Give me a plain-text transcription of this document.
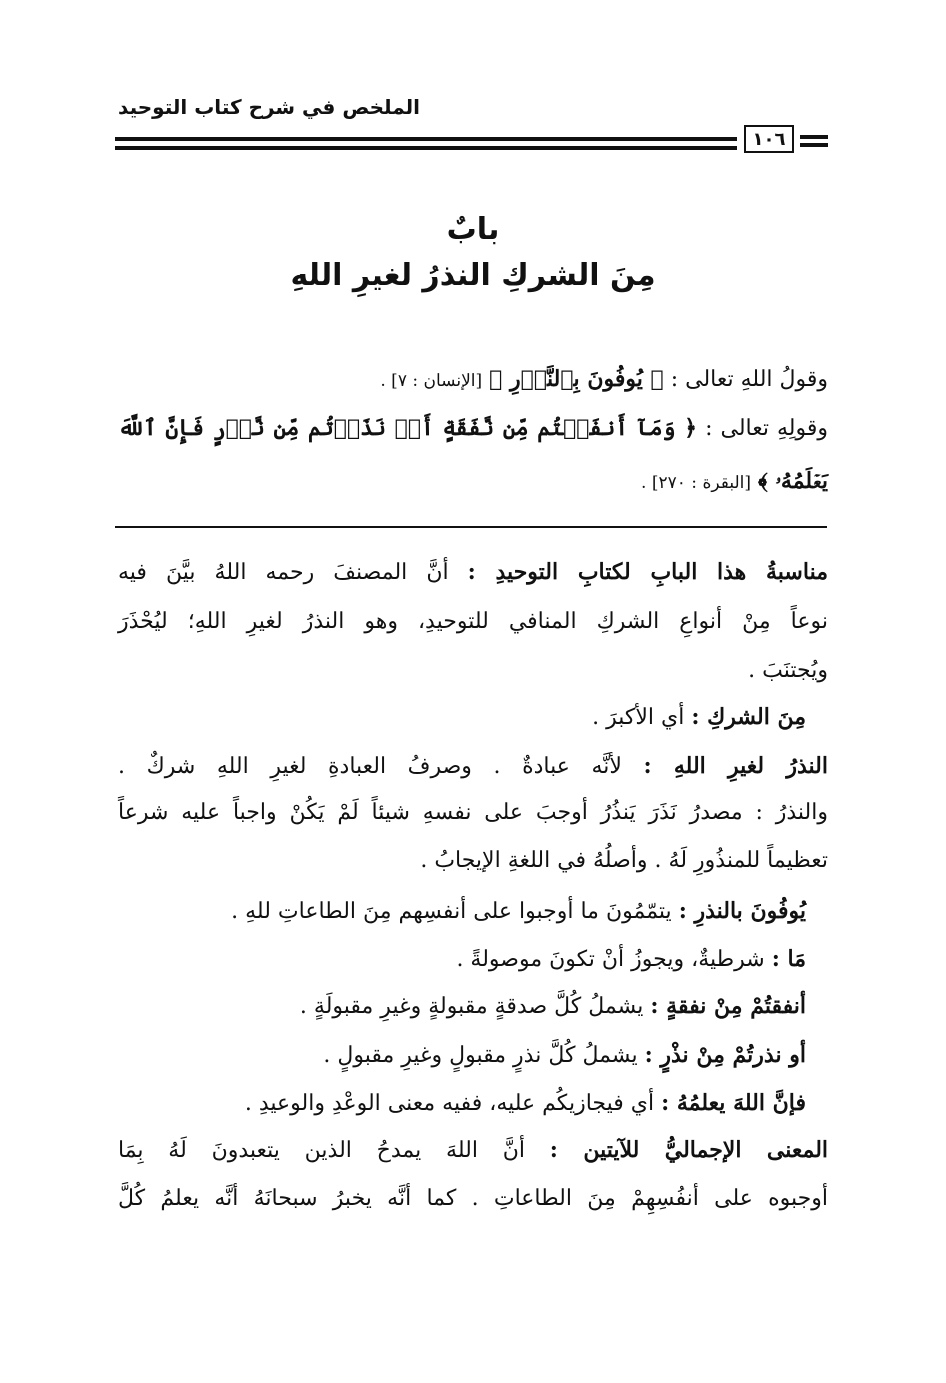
الملخص في شرح كتاب التوحيد
١٠٦
بابٌ
مِنَ الشركِ النذرُ لغيرِ اللهِ
وقولُ اللهِ تعالى : ﴿ يُوفُونَ بِٱلنَّذۡرِ ﴾ [الإنسان : ٧] .
وقولِهِ تعالى : ﴿ وَمَآ أَنفَقۡتُم مِّن نَّفَقَةٍ أَوۡ نَذَرۡتُم مِّن نَّذۡرٍ فَإِنَّ ٱللَّهَ
يَعۡلَمُهُۥ ﴾ [البقرة : ٢٧٠] .
مناسبةُ هذا البابِ لكتابِ التوحيدِ : أنَّ المصنفَ رحمه اللهُ بيَّنَ فيه
نوعاً مِنْ أنواعِ الشركِ المنافي للتوحيدِ، وهو النذرُ لغيرِ اللهِ؛ ليُحْذَرَ
ويُجتنَبَ .
مِنَ الشركِ : أي الأكبرَ .
النذرُ لغيرِ اللهِ : لأنَّه عبادةٌ . وصرفُ العبادةِ لغيرِ اللهِ شركٌ .
والنذرُ : مصدرُ نَذَرَ يَنذُرُ أوجبَ على نفسهِ شيئاً لَمْ يَكُنْ واجباً عليه شرعاً
تعظيماً للمنذُورِ لَهُ . وأصلُهُ في اللغةِ الإيجابُ .
يُوفُونَ بالنذرِ : يتمّمُونَ ما أوجبوا على أنفسِهم مِنَ الطاعاتِ للهِ .
مَا : شرطيةٌ، ويجوزُ أنْ تكونَ موصولةً .
أنفقتُمْ مِنْ نفقةٍ : يشملُ كُلَّ صدقةٍ مقبولةٍ وغيرِ مقبولَةٍ .
أو نذرتُمْ مِنْ نذْرٍ : يشملُ كُلَّ نذرٍ مقبولٍ وغيرِ مقبولٍ .
فإنَّ اللهَ يعلمُهُ : أي فيجازيكُم عليه، ففيه معنى الوعْدِ والوعيدِ .
المعنى الإجماليُّ للآيتين : أنَّ اللهَ يمدحُ الذين يتعبدونَ لَهُ بِمَا
أوجبوه على أنفُسِهِمْ مِنَ الطاعاتِ . كما أنَّه يخبرُ سبحانَهُ أنَّه يعلمُ كُلَّ
